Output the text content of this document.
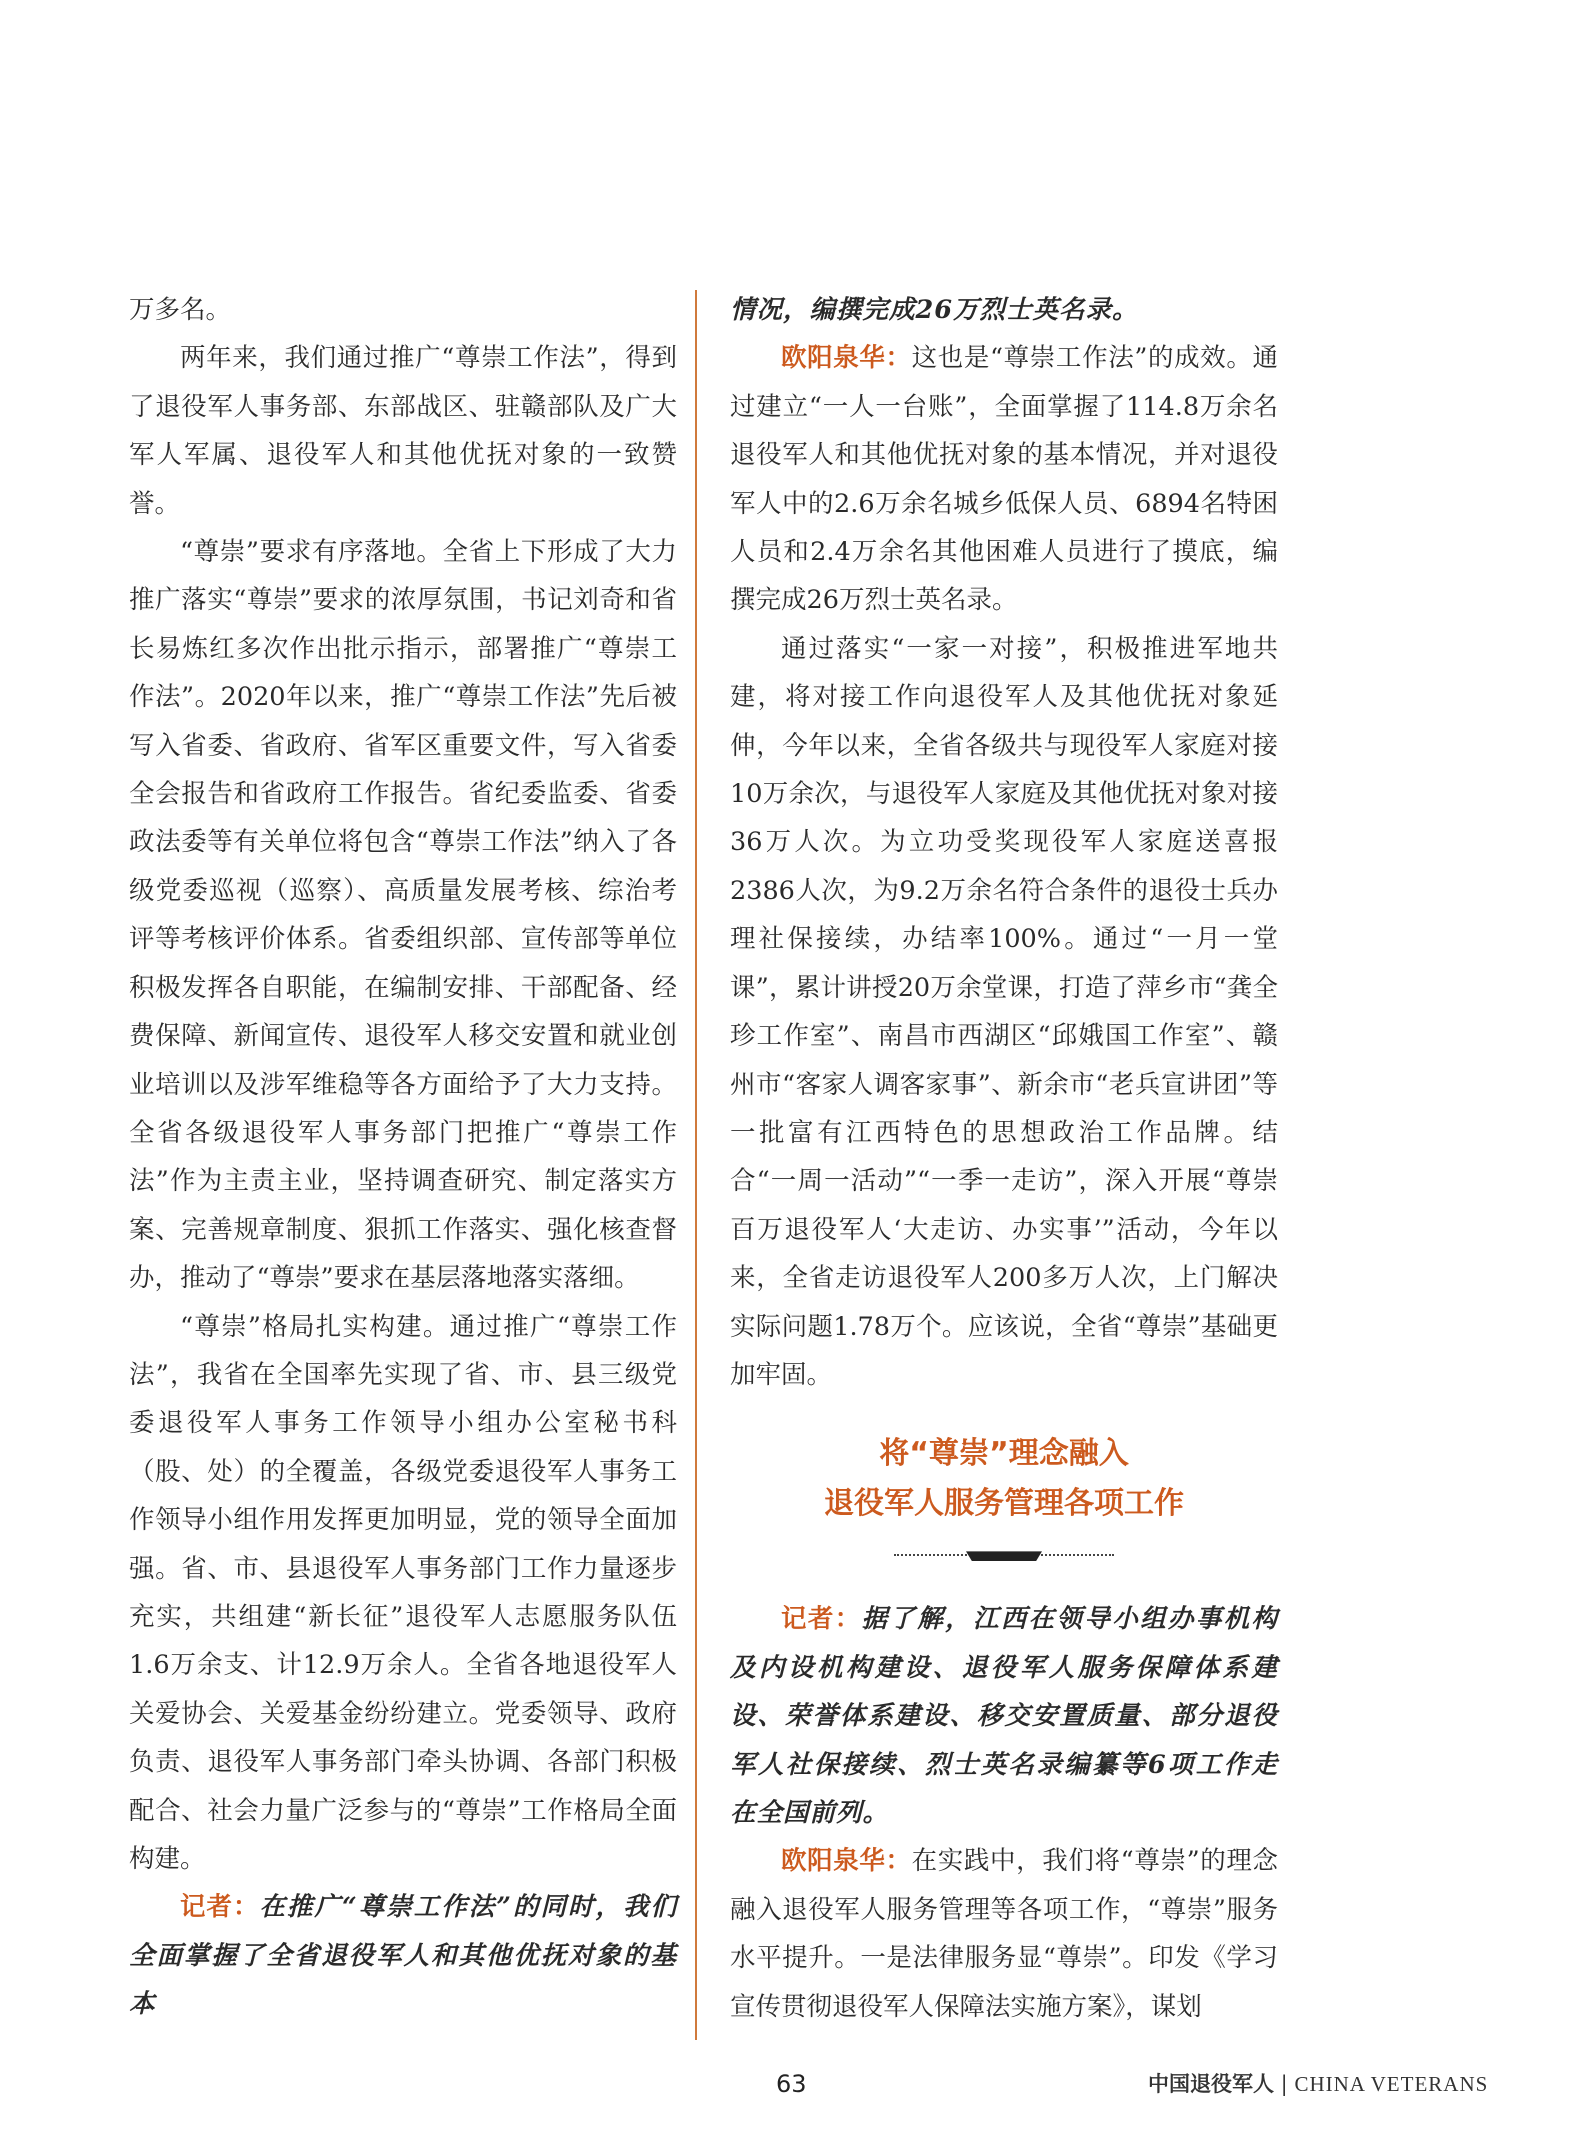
万多名。

两年来，我们通过推广“尊崇工作法”，得到了退役军人事务部、东部战区、驻赣部队及广大军人军属、退役军人和其他优抚对象的一致赞誉。

“尊崇”要求有序落地。全省上下形成了大力推广落实“尊崇”要求的浓厚氛围，书记刘奇和省长易炼红多次作出批示指示，部署推广“尊崇工作法”。2020年以来，推广“尊崇工作法”先后被写入省委、省政府、省军区重要文件，写入省委全会报告和省政府工作报告。省纪委监委、省委政法委等有关单位将包含“尊崇工作法”纳入了各级党委巡视（巡察）、高质量发展考核、综治考评等考核评价体系。省委组织部、宣传部等单位积极发挥各自职能，在编制安排、干部配备、经费保障、新闻宣传、退役军人移交安置和就业创业培训以及涉军维稳等各方面给予了大力支持。全省各级退役军人事务部门把推广“尊崇工作法”作为主责主业，坚持调查研究、制定落实方案、完善规章制度、狠抓工作落实、强化核查督办，推动了“尊崇”要求在基层落地落实落细。

“尊崇”格局扎实构建。通过推广“尊崇工作法”，我省在全国率先实现了省、市、县三级党委退役军人事务工作领导小组办公室秘书科（股、处）的全覆盖，各级党委退役军人事务工作领导小组作用发挥更加明显，党的领导全面加强。省、市、县退役军人事务部门工作力量逐步充实，共组建“新长征”退役军人志愿服务队伍1.6万余支、计12.9万余人。全省各地退役军人关爱协会、关爱基金纷纷建立。党委领导、政府负责、退役军人事务部门牵头协调、各部门积极配合、社会力量广泛参与的“尊崇”工作格局全面构建。

记者：在推广“尊崇工作法”的同时，我们全面掌握了全省退役军人和其他优抚对象的基本

情况，编撰完成26万烈士英名录。

欧阳泉华：这也是“尊崇工作法”的成效。通过建立“一人一台账”，全面掌握了114.8万余名退役军人和其他优抚对象的基本情况，并对退役军人中的2.6万余名城乡低保人员、6894名特困人员和2.4万余名其他困难人员进行了摸底，编撰完成26万烈士英名录。

通过落实“一家一对接”，积极推进军地共建，将对接工作向退役军人及其他优抚对象延伸，今年以来，全省各级共与现役军人家庭对接10万余次，与退役军人家庭及其他优抚对象对接36万人次。为立功受奖现役军人家庭送喜报2386人次，为9.2万余名符合条件的退役士兵办理社保接续，办结率100%。通过“一月一堂课”，累计讲授20万余堂课，打造了萍乡市“龚全珍工作室”、南昌市西湖区“邱娥国工作室”、赣州市“客家人调客家事”、新余市“老兵宣讲团”等一批富有江西特色的思想政治工作品牌。结合“一周一活动”“一季一走访”，深入开展“尊崇百万退役军人‘大走访、办实事’”活动，今年以来，全省走访退役军人200多万人次，上门解决实际问题1.78万个。应该说，全省“尊崇”基础更加牢固。

将“尊崇”理念融入
退役军人服务管理各项工作

记者：据了解，江西在领导小组办事机构及内设机构建设、退役军人服务保障体系建设、荣誉体系建设、移交安置质量、部分退役军人社保接续、烈士英名录编纂等6项工作走在全国前列。

欧阳泉华：在实践中，我们将“尊崇”的理念融入退役军人服务管理等各项工作，“尊崇”服务水平提升。一是法律服务显“尊崇”。印发《学习宣传贯彻退役军人保障法实施方案》，谋划

63	中国退役军人 | CHINA VETERANS
